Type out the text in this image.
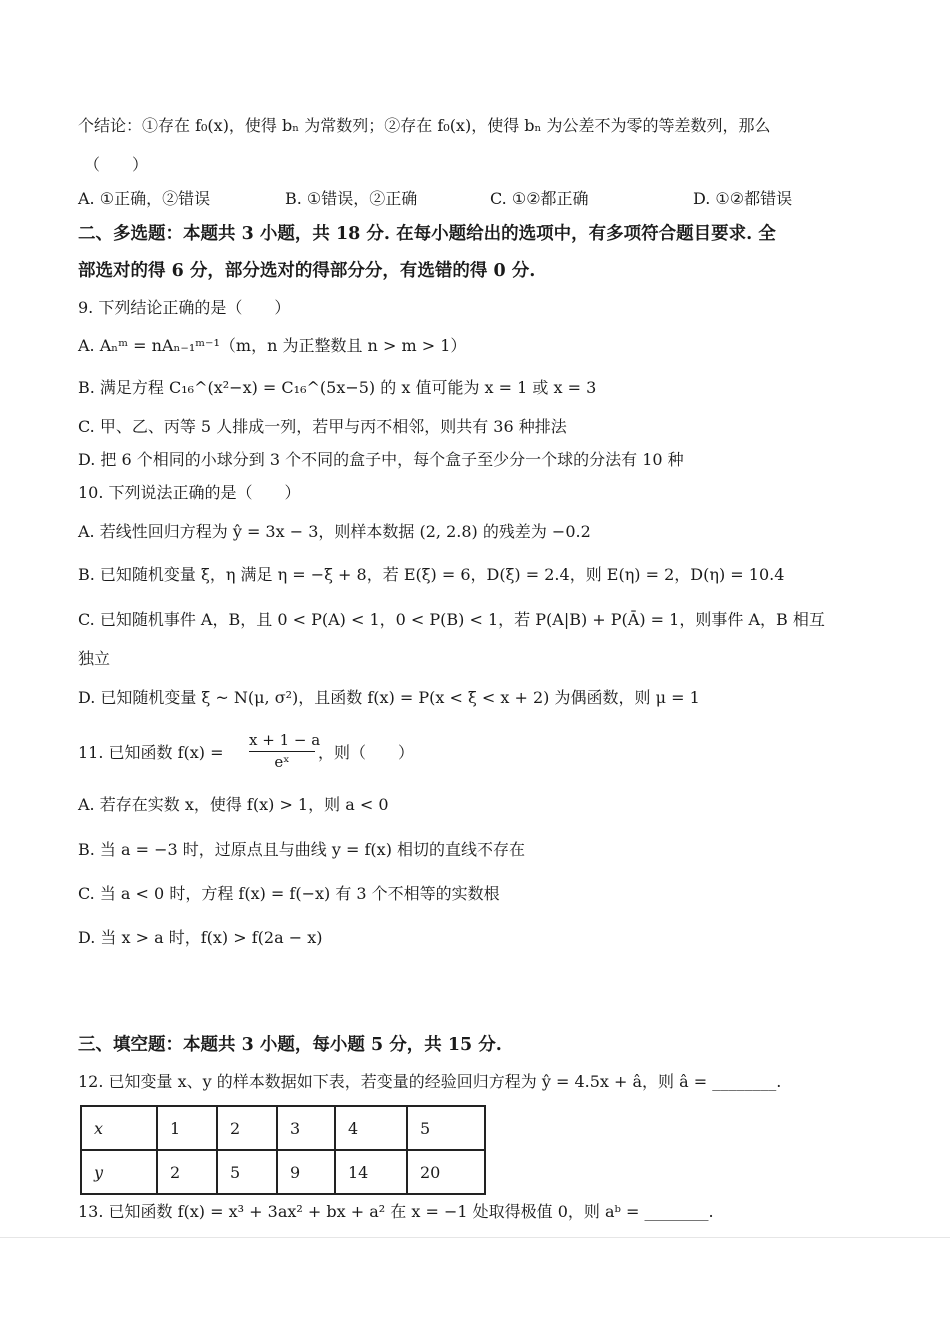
个结论：①存在 f₀(x)，使得 bₙ 为常数列；②存在 f₀(x)，使得 bₙ 为公差不为零的等差数列，那么
（　　）
A. ①正确，②错误	B. ①错误，②正确	C. ①②都正确	D. ①②都错误
二、多选题：本题共 3 小题，共 18 分. 在每小题给出的选项中，有多项符合题目要求. 全
部选对的得 6 分，部分选对的得部分分，有选错的得 0 分.
9. 下列结论正确的是（　　）
A. Aₙᵐ = nAₙ₋₁ᵐ⁻¹（m，n 为正整数且 n > m > 1）
B. 满足方程 C₁₆^(x²−x) = C₁₆^(5x−5) 的 x 值可能为 x = 1 或 x = 3
C. 甲、乙、丙等 5 人排成一列，若甲与丙不相邻，则共有 36 种排法
D. 把 6 个相同的小球分到 3 个不同的盒子中，每个盒子至少分一个球的分法有 10 种
10. 下列说法正确的是（　　）
A. 若线性回归方程为 ŷ = 3x − 3，则样本数据 (2, 2.8) 的残差为 −0.2
B. 已知随机变量 ξ，η 满足 η = −ξ + 8，若 E(ξ) = 6，D(ξ) = 2.4，则 E(η) = 2，D(η) = 10.4
C. 已知随机事件 A，B，且 0 < P(A) < 1，0 < P(B) < 1，若 P(A|B) + P(Ā) = 1，则事件 A，B 相互
独立
D. 已知随机变量 ξ ~ N(μ, σ²)，且函数 f(x) = P(x < ξ < x + 2) 为偶函数，则 μ = 1
11. 已知函数 $f(x) = \frac{x + 1 - a}{\text{eˣ}}$ ，则（　　）
A. 若存在实数 x，使得 f(x) > 1，则 a < 0
B. 当 a = −3 时，过原点且与曲线 y = f(x) 相切的直线不存在
C. 当 a < 0 时，方程 f(x) = f(−x) 有 3 个不相等的实数根
D. 当 x > a 时，f(x) > f(2a − x)
三、填空题：本题共 3 小题，每小题 5 分，共 15 分.
12. 已知变量 x、y 的样本数据如下表，若变量的经验回归方程为 ŷ = 4.5x + â，则 â = ________.
x	1	2	3	4	5
y	2	5	9	14	20
13. 已知函数 f(x) = x³ + 3ax² + bx + a² 在 x = −1 处取得极值 0，则 aᵇ = ________.
